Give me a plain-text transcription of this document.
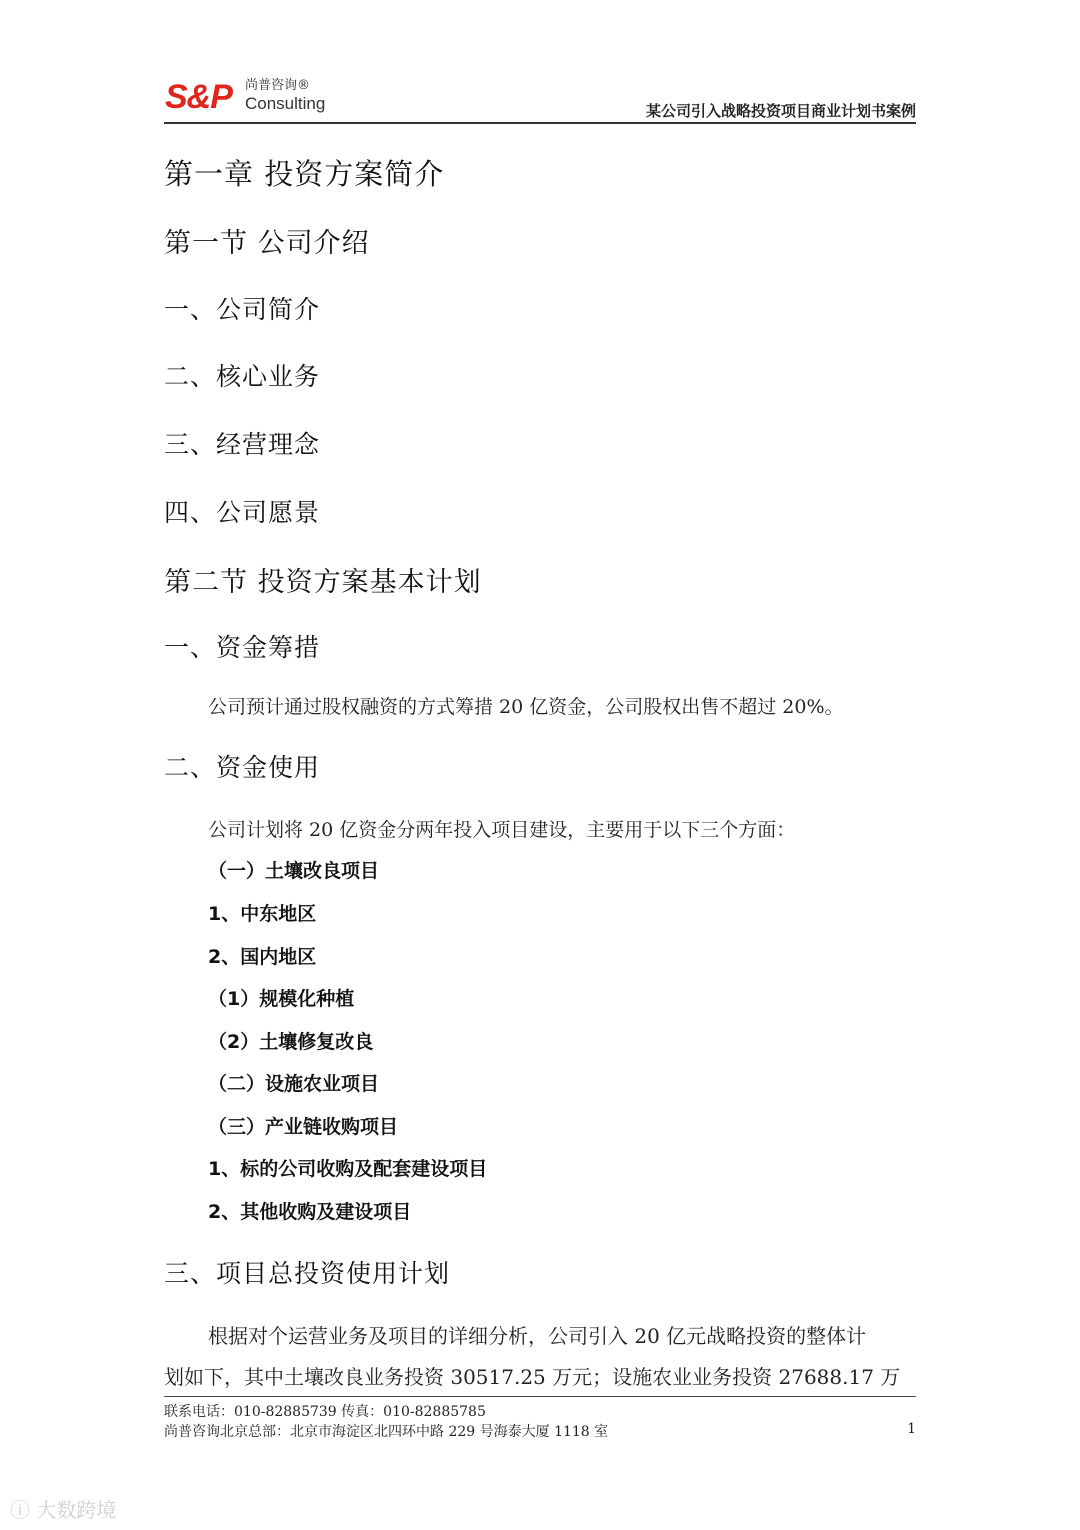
S&P 尚普咨询®
Consulting	某公司引入战略投资项目商业计划书案例
第一章 投资方案简介
第一节 公司介绍
一、公司简介
二、核心业务
三、经营理念
四、公司愿景
第二节 投资方案基本计划
一、资金筹措
公司预计通过股权融资的方式筹措 20 亿资金，公司股权出售不超过 20%。
二、资金使用
公司计划将 20 亿资金分两年投入项目建设，主要用于以下三个方面：
（一）土壤改良项目
1、中东地区
2、国内地区
（1）规模化种植
（2）土壤修复改良
（二）设施农业项目
（三）产业链收购项目
1、标的公司收购及配套建设项目
2、其他收购及建设项目
三、项目总投资使用计划
根据对个运营业务及项目的详细分析，公司引入 20 亿元战略投资的整体计
划如下，其中土壤改良业务投资 30517.25 万元；设施农业业务投资 27688.17 万
联系电话：010-82885739 传真：010-82885785
尚普咨询北京总部：北京市海淀区北四环中路 229 号海泰大厦 1118 室	1
ⓘ 大数跨境
